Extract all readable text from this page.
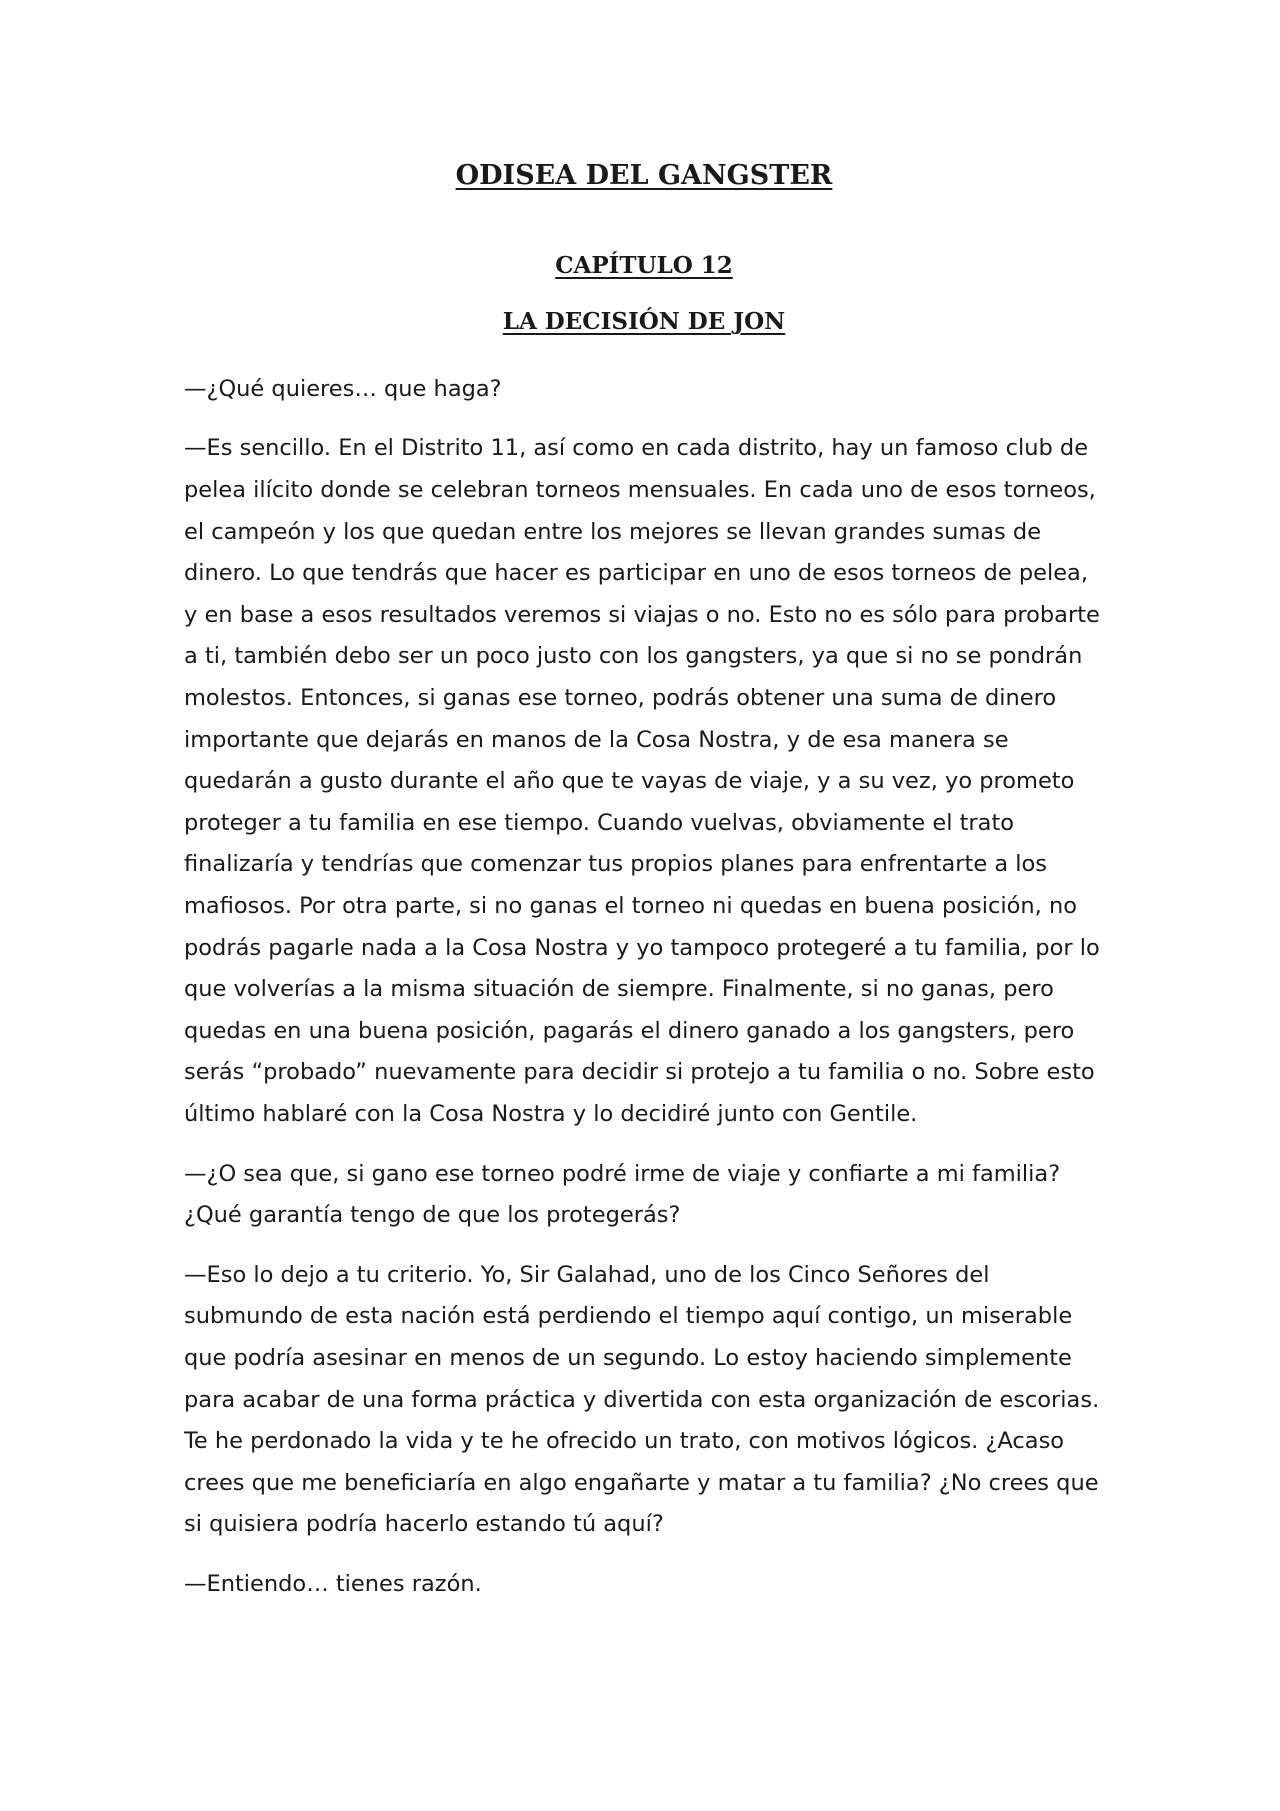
ODISEA DEL GANGSTER
CAPÍTULO 12
LA DECISIÓN DE JON

—¿Qué quieres… que haga?

—Es sencillo. En el Distrito 11, así como en cada distrito, hay un famoso club de pelea ilícito donde se celebran torneos mensuales. En cada uno de esos torneos, el campeón y los que quedan entre los mejores se llevan grandes sumas de dinero. Lo que tendrás que hacer es participar en uno de esos torneos de pelea, y en base a esos resultados veremos si viajas o no. Esto no es sólo para probarte a ti, también debo ser un poco justo con los gangsters, ya que si no se pondrán molestos. Entonces, si ganas ese torneo, podrás obtener una suma de dinero importante que dejarás en manos de la Cosa Nostra, y de esa manera se quedarán a gusto durante el año que te vayas de viaje, y a su vez, yo prometo proteger a tu familia en ese tiempo. Cuando vuelvas, obviamente el trato finalizaría y tendrías que comenzar tus propios planes para enfrentarte a los mafiosos. Por otra parte, si no ganas el torneo ni quedas en buena posición, no podrás pagarle nada a la Cosa Nostra y yo tampoco protegeré a tu familia, por lo que volverías a la misma situación de siempre. Finalmente, si no ganas, pero quedas en una buena posición, pagarás el dinero ganado a los gangsters, pero serás “probado” nuevamente para decidir si protejo a tu familia o no. Sobre esto último hablaré con la Cosa Nostra y lo decidiré junto con Gentile.

—¿O sea que, si gano ese torneo podré irme de viaje y confiarte a mi familia? ¿Qué garantía tengo de que los protegerás?

—Eso lo dejo a tu criterio. Yo, Sir Galahad, uno de los Cinco Señores del submundo de esta nación está perdiendo el tiempo aquí contigo, un miserable que podría asesinar en menos de un segundo. Lo estoy haciendo simplemente para acabar de una forma práctica y divertida con esta organización de escorias. Te he perdonado la vida y te he ofrecido un trato, con motivos lógicos. ¿Acaso crees que me beneficiaría en algo engañarte y matar a tu familia? ¿No crees que si quisiera podría hacerlo estando tú aquí?

—Entiendo… tienes razón.
